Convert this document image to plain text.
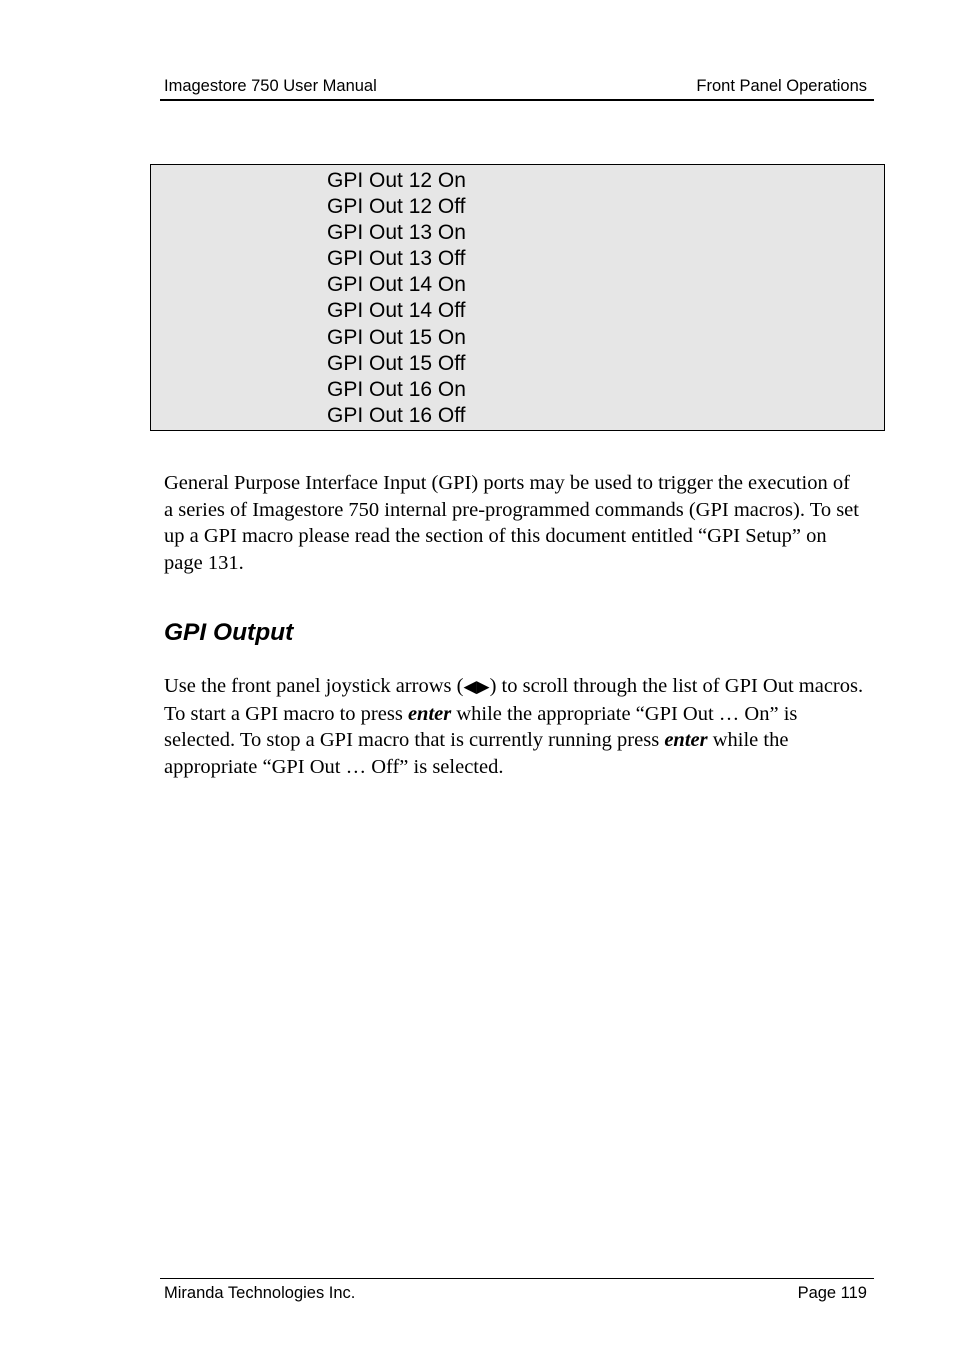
Imagestore 750 User Manual	Front Panel Operations
GPI Out 12 On
GPI Out 12 Off
GPI Out 13 On
GPI Out 13 Off
GPI Out 14 On
GPI Out 14 Off
GPI Out 15 On
GPI Out 15 Off
GPI Out 16 On
GPI Out 16 Off

General Purpose Interface Input (GPI) ports may be used to trigger the execution of a series of Imagestore 750 internal pre-programmed commands (GPI macros). To set up a GPI macro please read the section of this document entitled “GPI Setup” on page 131.

GPI Output

Use the front panel joystick arrows (◀▶) to scroll through the list of GPI Out macros. To start a GPI macro to press enter while the appropriate “GPI Out … On” is selected. To stop a GPI macro that is currently running press enter while the appropriate “GPI Out … Off” is selected.

Miranda Technologies Inc.	Page 119
